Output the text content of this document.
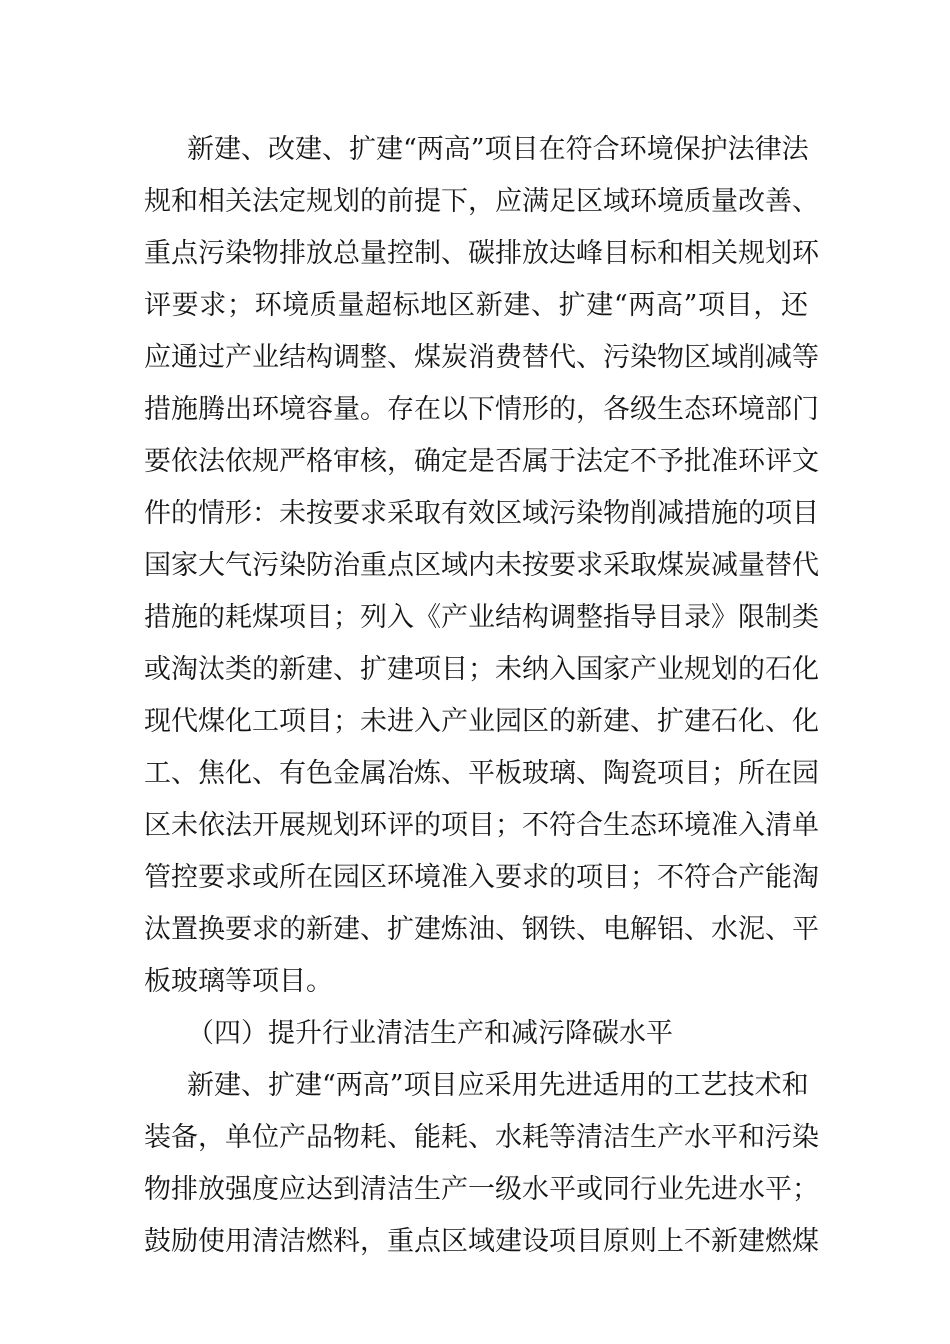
新建、改建、扩建“两高”项目在符合环境保护法律法

规和相关法定规划的前提下，应满足区域环境质量改善、

重点污染物排放总量控制、碳排放达峰目标和相关规划环

评要求；环境质量超标地区新建、扩建“两高”项目，还

应通过产业结构调整、煤炭消费替代、污染物区域削减等

措施腾出环境容量。存在以下情形的，各级生态环境部门

要依法依规严格审核，确定是否属于法定不予批准环评文

件的情形：未按要求采取有效区域污染物削减措施的项目

国家大气污染防治重点区域内未按要求采取煤炭减量替代

措施的耗煤项目；列入《产业结构调整指导目录》限制类

或淘汰类的新建、扩建项目；未纳入国家产业规划的石化

现代煤化工项目；未进入产业园区的新建、扩建石化、化

工、焦化、有色金属冶炼、平板玻璃、陶瓷项目；所在园

区未依法开展规划环评的项目；不符合生态环境准入清单

管控要求或所在园区环境准入要求的项目；不符合产能淘

汰置换要求的新建、扩建炼油、钢铁、电解铝、水泥、平

板玻璃等项目。

（四）提升行业清洁生产和减污降碳水平

新建、扩建“两高”项目应采用先进适用的工艺技术和

装备，单位产品物耗、能耗、水耗等清洁生产水平和污染

物排放强度应达到清洁生产一级水平或同行业先进水平；

鼓励使用清洁燃料，重点区域建设项目原则上不新建燃煤
